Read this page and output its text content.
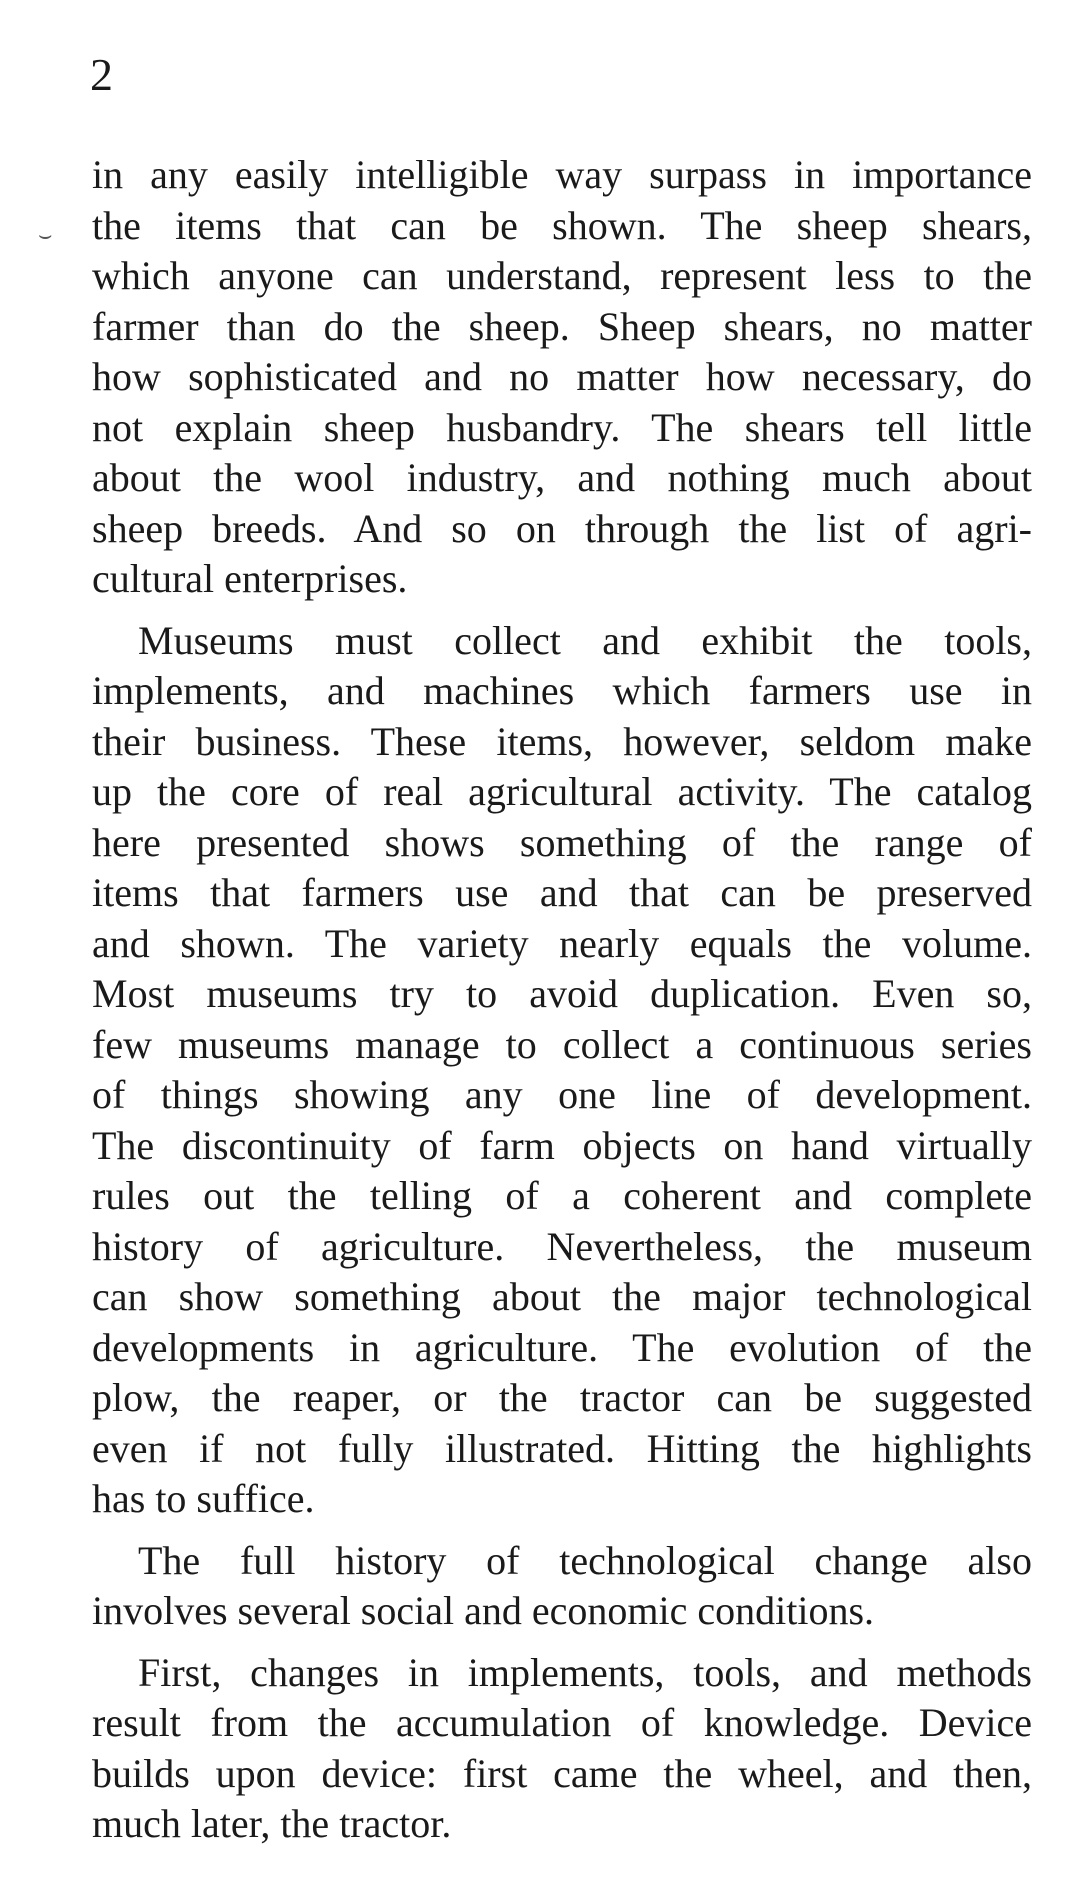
2
⌣
in any easily intelligible way surpass in importance
the items that can be shown. The sheep shears,
which anyone can understand, represent less to the
farmer than do the sheep. Sheep shears, no matter
how sophisticated and no matter how necessary, do
not explain sheep husbandry. The shears tell little
about the wool industry, and nothing much about
sheep breeds. And so on through the list of agri-
cultural enterprises.
Museums must collect and exhibit the tools,
implements, and machines which farmers use in
their business. These items, however, seldom make
up the core of real agricultural activity. The catalog
here presented shows something of the range of
items that farmers use and that can be preserved
and shown. The variety nearly equals the volume.
Most museums try to avoid duplication. Even so,
few museums manage to collect a continuous series
of things showing any one line of development.
The discontinuity of farm objects on hand virtually
rules out the telling of a coherent and complete
history of agriculture. Nevertheless, the museum
can show something about the major technological
developments in agriculture. The evolution of the
plow, the reaper, or the tractor can be suggested
even if not fully illustrated. Hitting the highlights
has to suffice.
The full history of technological change also
involves several social and economic conditions.
First, changes in implements, tools, and methods
result from the accumulation of knowledge. Device
builds upon device: first came the wheel, and then,
much later, the tractor.
